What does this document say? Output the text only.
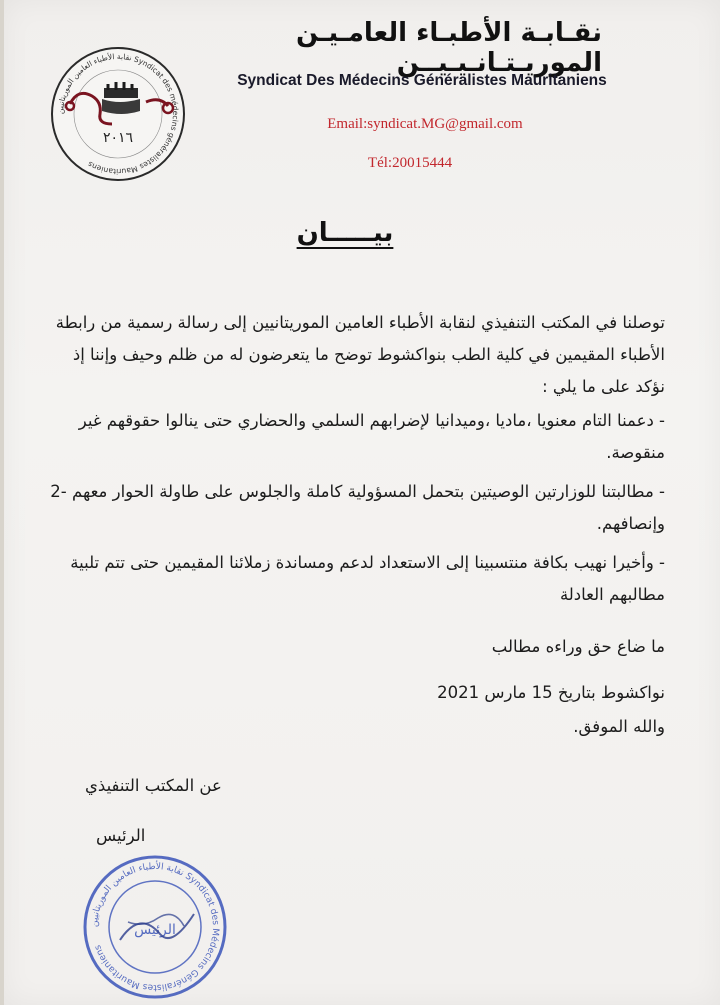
نقـابـة الأطبـاء العامـيـن الموريـتـانـيـيــن
Syndicat Des Médecins Généralistes Mauritaniens
Email:syndicat.MG@gmail.com
Tél:20015444
نقابة الأطباء العامين الموريتانيين Syndicat des médecins généralistes Mauritaniens
٢٠١٦
بيـــــان
توصلنا في المكتب التنفيذي لنقابة الأطباء العامين الموريتانيين إلى رسالة رسمية من رابطة
الأطباء المقيمين في كلية الطب بنواكشوط توضح ما يتعرضون له من ظلم وحيف وإننا إذ
نؤكد على ما يلي :
- دعمنا التام معنويا ،ماديا ،وميدانيا لإضرابهم السلمي والحضاري حتى ينالوا حقوقهم غير
منقوصة.
- مطالبتنا للوزارتين الوصيتين بتحمل المسؤولية كاملة والجلوس على طاولة الحوار معهم -2
وإنصافهم.
- وأخيرا نهيب بكافة منتسبينا إلى الاستعداد لدعم ومساندة زملائنا المقيمين حتى تتم تلبية
مطالبهم العادلة
ما ضاع حق وراءه مطالب
نواكشوط بتاريخ 15 مارس 2021
والله الموفق.
عن المكتب التنفيذي
الرئيس
نقابة الأطباء العامين الموريتانيين Syndicat des Médecins Généralistes Mauritaniens
الرئيس
